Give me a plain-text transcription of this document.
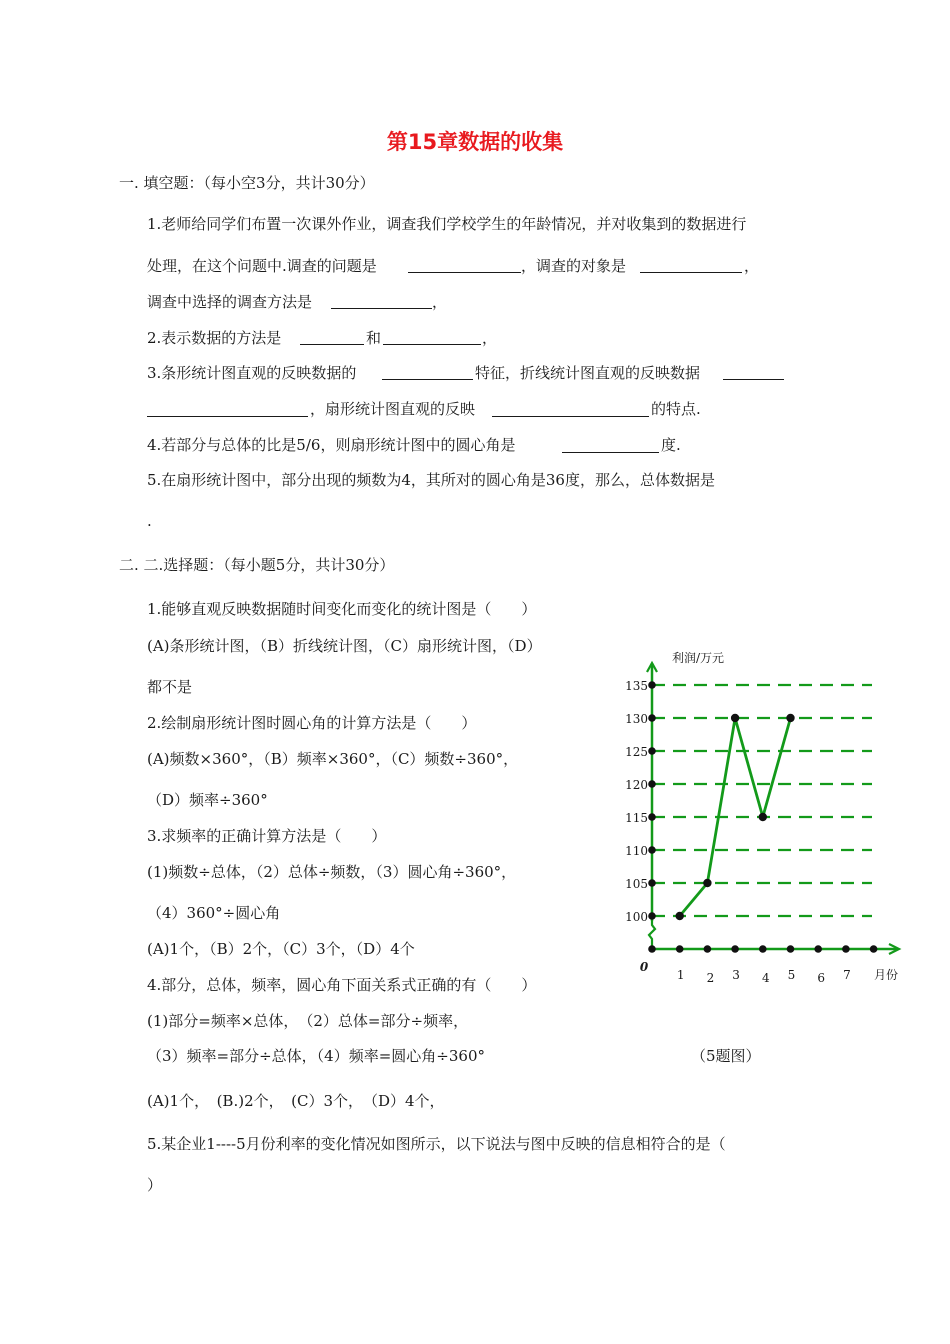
第15章数据的收集
一. 填空题：（每小空3分，共计30分）
1.老师给同学们布置一次课外作业，调查我们学校学生的年龄情况，并对收集到的数据进行
处理，在这个问题中.调查的问题是	，调查的对象是	，
调查中选择的调查方法是	，
2.表示数据的方法是	和	，
3.条形统计图直观的反映数据的	特征，折线统计图直观的反映数据
，扇形统计图直观的反映	的特点.
4.若部分与总体的比是5/6，则扇形统计图中的圆心角是	度.
5.在扇形统计图中，部分出现的频数为4，其所对的圆心角是36度，那么，总体数据是
.
二. 二.选择题：（每小题5分，共计30分）
1.能够直观反映数据随时间变化而变化的统计图是（　　）
(A)条形统计图，（B）折线统计图，（C）扇形统计图，（D）
都不是
2.绘制扇形统计图时圆心角的计算方法是（　　）
(A)频数×360°，（B）频率×360°，（C）频数÷360°，
（D）频率÷360°
3.求频率的正确计算方法是（　　）
(1)频数÷总体，（2）总体÷频数，（3）圆心角÷360°，
（4）360°÷圆心角
(A)1个，（B）2个，（C）3个，（D）4个
4.部分，总体，频率，圆心角下面关系式正确的有（　　）
(1)部分=频率×总体，　（2）总体=部分÷频率，
（3）频率=部分÷总体，（4）频率=圆心角÷360°	（5题图）
(A)1个，　(B.)2个，　(C）3个，　（D）4个，
5.某企业1----5月份利率的变化情况如图所示，以下说法与图中反映的信息相符合的是（
）
100
105
110
115
120
125
130
135
1 2 3 4 5 6 7
0
利润/万元
月份
